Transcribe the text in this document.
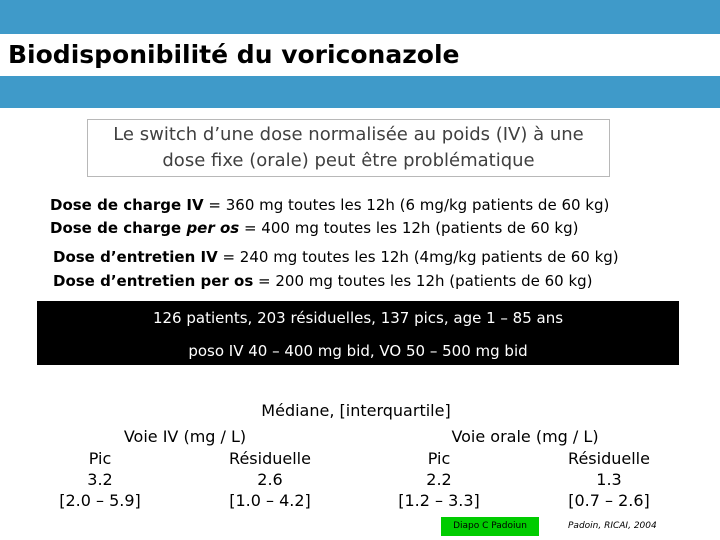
Biodisponibilité du voriconazole
Le switch d’une dose normalisée au poids (IV) à une
dose fixe (orale) peut être problématique
Dose de charge IV = 360 mg toutes les 12h (6 mg/kg patients de 60 kg)
Dose de charge per os = 400 mg toutes les 12h (patients de 60 kg)
Dose d’entretien IV = 240 mg toutes les 12h (4mg/kg patients de 60 kg)
Dose d’entretien per os = 200 mg toutes les 12h (patients de 60 kg)
126 patients, 203 résiduelles, 137 pics, age 1 – 85 ans
poso IV 40 – 400 mg bid, VO 50 – 500 mg bid
Médiane, [interquartile]
Voie IV (mg / L)	Voie orale (mg / L)
Pic	Résiduelle	Pic	Résiduelle
3.2	2.6	2.2	1.3
[2.0 – 5.9]	[1.0 – 4.2]	[1.2 – 3.3]	[0.7 – 2.6]
Diapo C Padoiun	Padoin, RICAI, 2004
